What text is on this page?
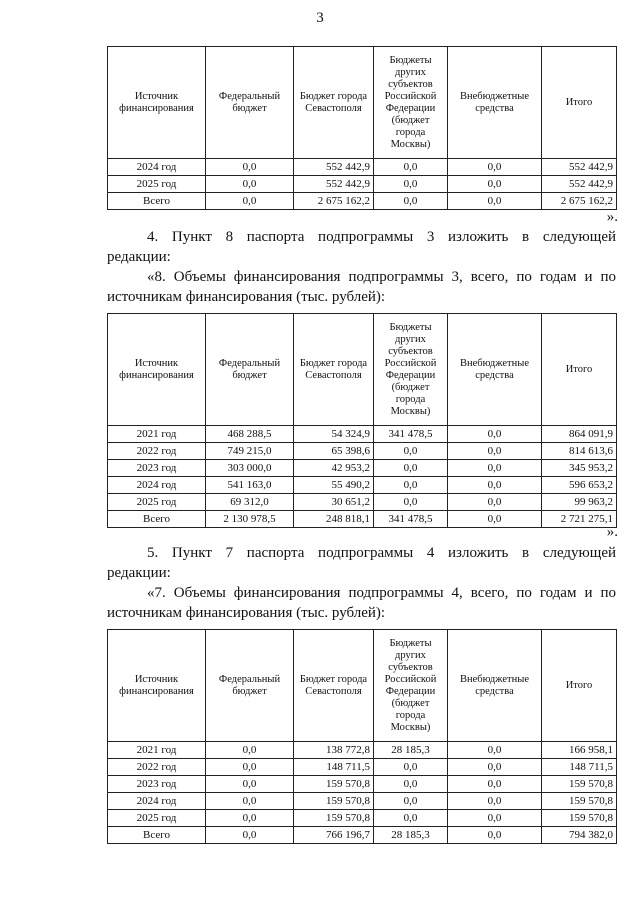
3
Источник финансирования	Федеральный бюджет	Бюджет города Севастополя	Бюджеты других субъектов Российской Федерации (бюджет города Москвы)	Внебюджетные средства	Итого
2024 год	0,0	552 442,9	0,0	0,0	552 442,9
2025 год	0,0	552 442,9	0,0	0,0	552 442,9
Всего	0,0	2 675 162,2	0,0	0,0	2 675 162,2
».
4. Пункт 8 паспорта подпрограммы 3 изложить в следующей
редакции:
«8. Объемы финансирования подпрограммы 3, всего, по годам и по
источникам финансирования (тыс. рублей):
Источник финансирования	Федеральный бюджет	Бюджет города Севастополя	Бюджеты других субъектов Российской Федерации (бюджет города Москвы)	Внебюджетные средства	Итого
2021 год	468 288,5	54 324,9	341 478,5	0,0	864 091,9
2022 год	749 215,0	65 398,6	0,0	0,0	814 613,6
2023 год	303 000,0	42 953,2	0,0	0,0	345 953,2
2024 год	541 163,0	55 490,2	0,0	0,0	596 653,2
2025 год	69 312,0	30 651,2	0,0	0,0	99 963,2
Всего	2 130 978,5	248 818,1	341 478,5	0,0	2 721 275,1
».
5. Пункт 7 паспорта подпрограммы 4 изложить в следующей
редакции:
«7. Объемы финансирования подпрограммы 4, всего, по годам и по
источникам финансирования (тыс. рублей):
Источник финансирования	Федеральный бюджет	Бюджет города Севастополя	Бюджеты других субъектов Российской Федерации (бюджет города Москвы)	Внебюджетные средства	Итого
2021 год	0,0	138 772,8	28 185,3	0,0	166 958,1
2022 год	0,0	148 711,5	0,0	0,0	148 711,5
2023 год	0,0	159 570,8	0,0	0,0	159 570,8
2024 год	0,0	159 570,8	0,0	0,0	159 570,8
2025 год	0,0	159 570,8	0,0	0,0	159 570,8
Всего	0,0	766 196,7	28 185,3	0,0	794 382,0
